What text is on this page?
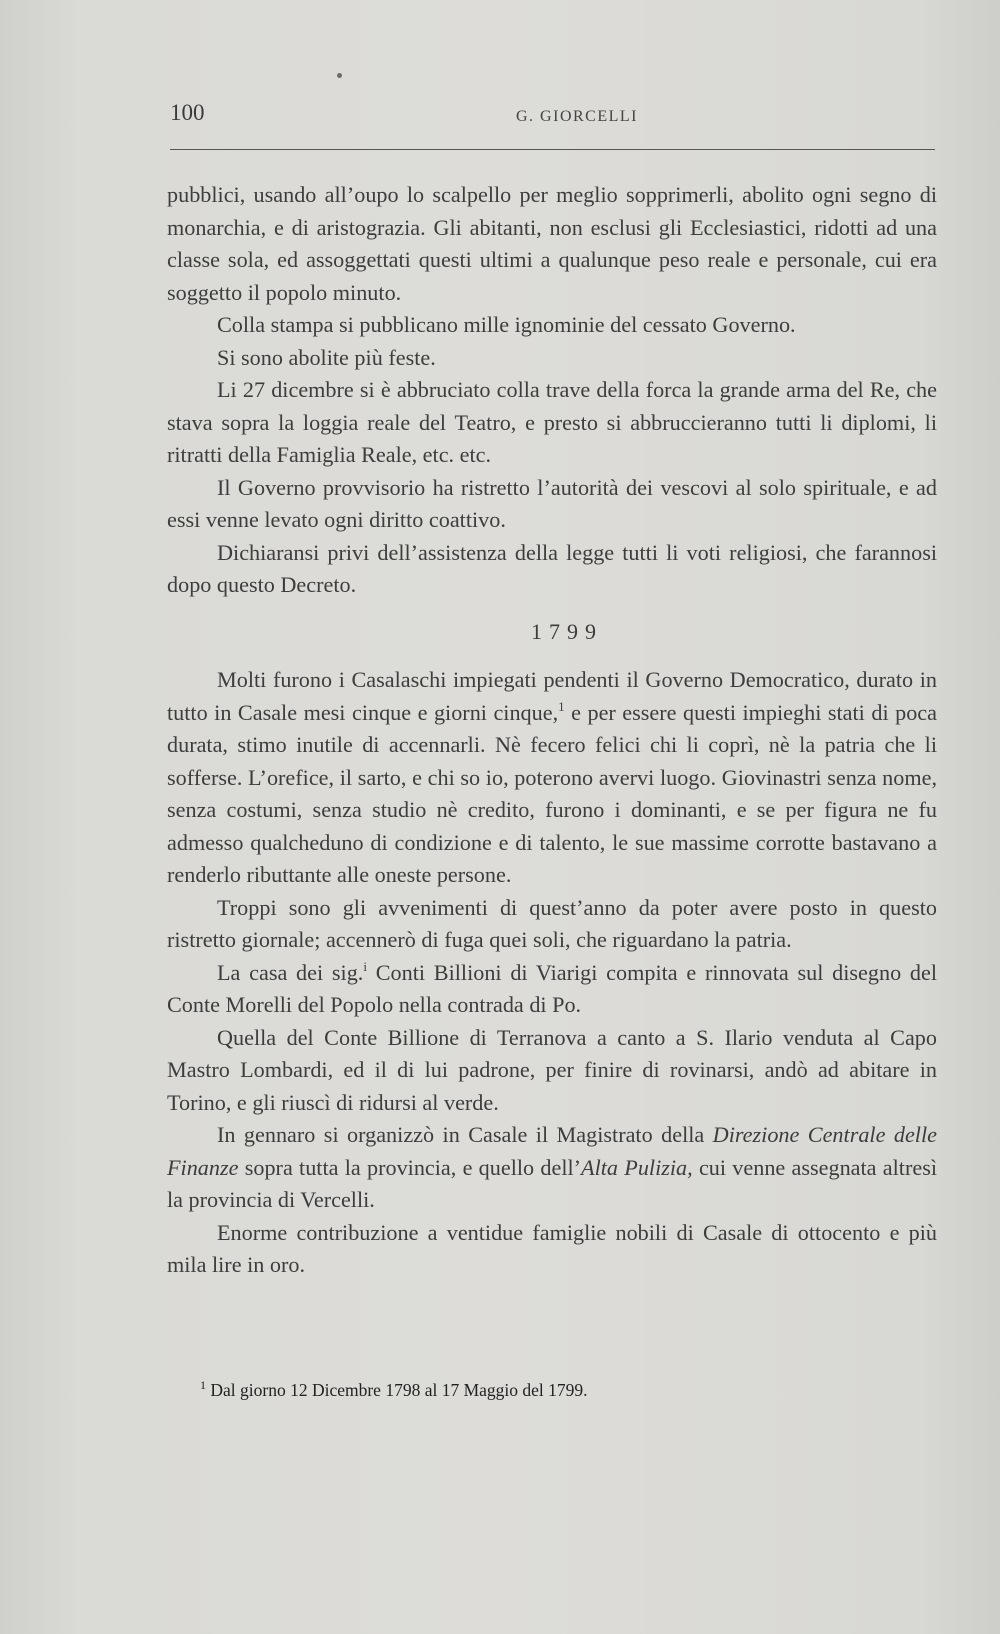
100	G. GIORCELLI

pubblici, usando all’oupo lo scalpello per meglio sopprimerli, abolito ogni segno di monarchia, e di aristograzia. Gli abitanti, non esclusi gli Ecclesiastici, ridotti ad una classe sola, ed assoggettati questi ultimi a qualunque peso reale e personale, cui era soggetto il popolo minuto.

Colla stampa si pubblicano mille ignominie del cessato Governo.

Si sono abolite più feste.

Li 27 dicembre si è abbruciato colla trave della forca la grande arma del Re, che stava sopra la loggia reale del Teatro, e presto si abbruccieranno tutti li diplomi, li ritratti della Famiglia Reale, etc. etc.

Il Governo provvisorio ha ristretto l’autorità dei vescovi al solo spirituale, e ad essi venne levato ogni diritto coattivo.

Dichiaransi privi dell’assistenza della legge tutti li voti religiosi, che farannosi dopo questo Decreto.

1799

Molti furono i Casalaschi impiegati pendenti il Governo Democratico, durato in tutto in Casale mesi cinque e giorni cinque,$^1$ e per essere questi impieghi stati di poca durata, stimo inutile di accennarli. Nè fecero felici chi li coprì, nè la patria che li sofferse. L’orefice, il sarto, e chi so io, poterono avervi luogo. Giovinastri senza nome, senza costumi, senza studio nè credito, furono i dominanti, e se per figura ne fu admesso qualcheduno di condizione e di talento, le sue massime corrotte bastavano a renderlo ributtante alle oneste persone.

Troppi sono gli avvenimenti di quest’anno da poter avere posto in questo ristretto giornale; accennerò di fuga quei soli, che riguardano la patria.

La casa dei sig.$^i$ Conti Billioni di Viarigi compita e rinnovata sul disegno del Conte Morelli del Popolo nella contrada di Po.

Quella del Conte Billione di Terranova a canto a S. Ilario venduta al Capo Mastro Lombardi, ed il di lui padrone, per finire di rovinarsi, andò ad abitare in Torino, e gli riuscì di ridursi al verde.

In gennaro si organizzò in Casale il Magistrato della Direzione Centrale delle Finanze sopra tutta la provincia, e quello dell’Alta Pulizia, cui venne assegnata altresì la provincia di Vercelli.

Enorme contribuzione a ventidue famiglie nobili di Casale di ottocento e più mila lire in oro.

$^1$ Dal giorno 12 Dicembre 1798 al 17 Maggio del 1799.
